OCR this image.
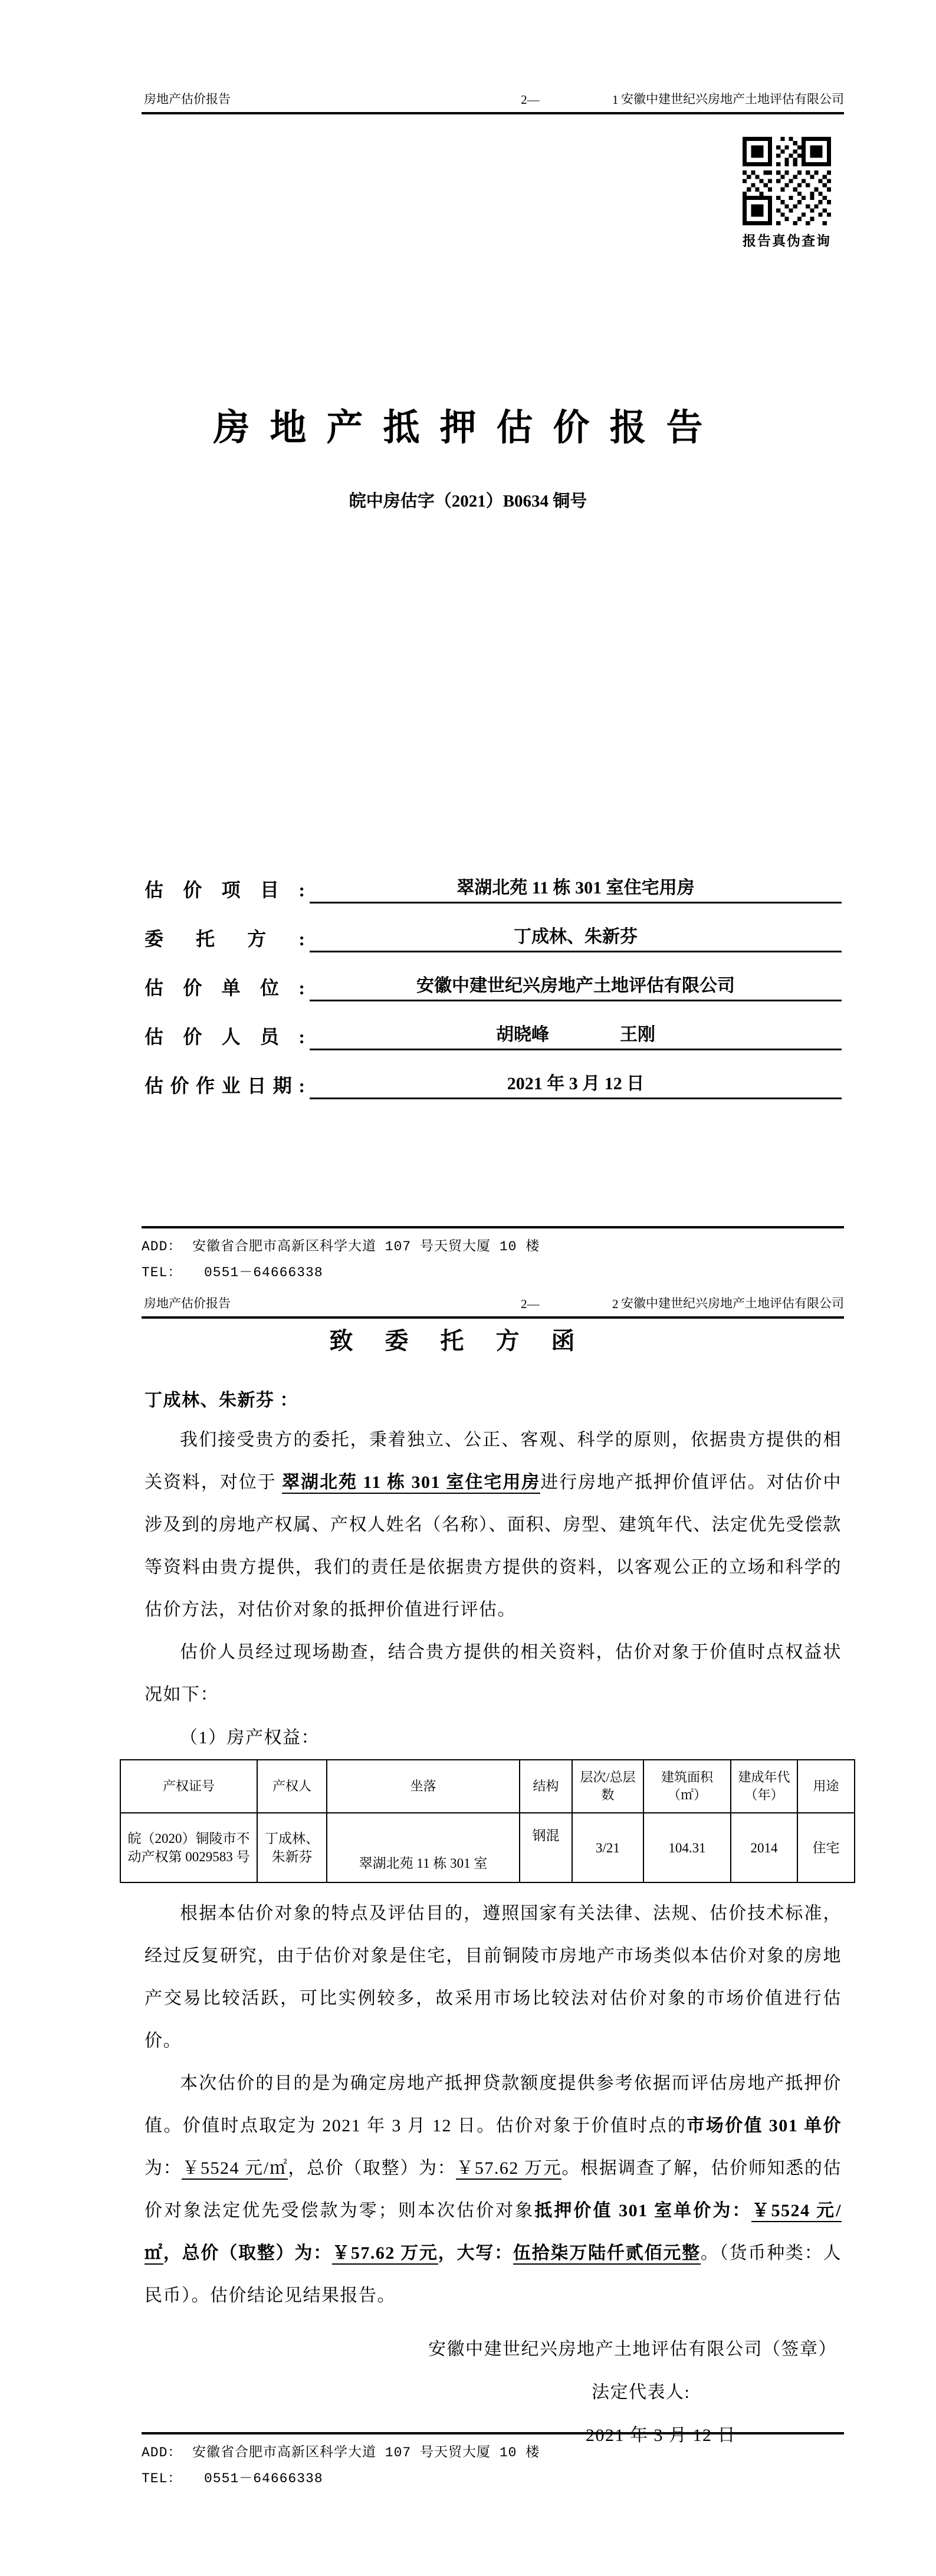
房地产估价报告	2—	1 安徽中建世纪兴房地产土地评估有限公司
报告真伪查询
房地产抵押估价报告
皖中房估字（2021）B0634 铜号
估价项目:	翠湖北苑 11 栋 301 室住宅用房
委托方:	丁成林、朱新芬
估价单位:	安徽中建世纪兴房地产土地评估有限公司
估价人员:	胡晓峰　　　　王刚
估价作业日期:	2021 年 3 月 12 日
ADD： 安徽省合肥市高新区科学大道 107 号天贸大厦 10 楼
TEL： 0551－64666338
房地产估价报告	2—	2 安徽中建世纪兴房地产土地评估有限公司
致委托方函
丁成林、朱新芬 ：

我们接受贵方的委托，秉着独立、公正、客观、科学的原则，依据贵方提供的相关资料，对位于 翠湖北苑 11 栋 301 室住宅用房进行房地产抵押价值评估。对估价中涉及到的房地产权属、产权人姓名（名称）、面积、房型、建筑年代、法定优先受偿款等资料由贵方提供，我们的责任是依据贵方提供的资料，以客观公正的立场和科学的估价方法，对估价对象的抵押价值进行评估。

估价人员经过现场勘查，结合贵方提供的相关资料，估价对象于价值时点权益状况如下：

（1）房产权益：
产权证号	产权人	坐落	结构	层次/总层数	建筑面积（㎡）	建成年代（年）	用途
皖（2020）铜陵市不动产权第 0029583 号	丁成林、朱新芬	翠湖北苑 11 栋 301 室	钢混	3/21	104.31	2014	住宅

根据本估价对象的特点及评估目的，遵照国家有关法律、法规、估价技术标准，经过反复研究，由于估价对象是住宅，目前铜陵市房地产市场类似本估价对象的房地产交易比较活跃，可比实例较多，故采用市场比较法对估价对象的市场价值进行估价。

本次估价的目的是为确定房地产抵押贷款额度提供参考依据而评估房地产抵押价值。价值时点取定为 2021 年 3 月 12 日。估价对象于价值时点的市场价值 301 单价为：￥5524 元/㎡，总价（取整）为：￥57.62 万元。根据调查了解，估价师知悉的估价对象法定优先受偿款为零；则本次估价对象抵押价值 301 室单价为：￥5524 元/㎡，总价（取整）为：￥57.62 万元，大写：伍拾柒万陆仟贰佰元整。（货币种类：人民币）。估价结论见结果报告。

安徽中建世纪兴房地产土地评估有限公司（签章）
法定代表人:
2021 年 3 月 12 日
ADD： 安徽省合肥市高新区科学大道 107 号天贸大厦 10 楼
TEL： 0551－64666338
